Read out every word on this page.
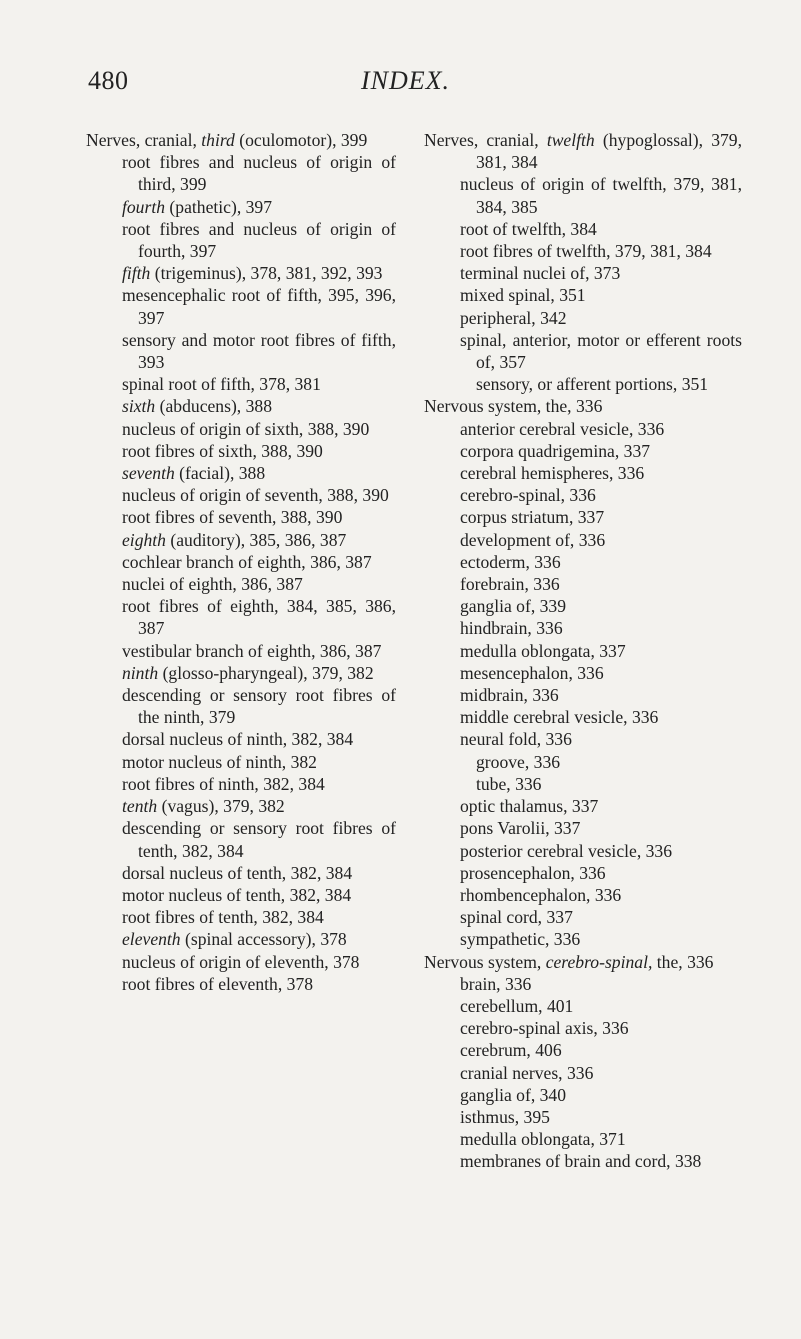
480	INDEX.
Nerves, cranial, third (oculomotor), 399
root fibres and nucleus of origin of third, 399
fourth (pathetic), 397
root fibres and nucleus of origin of fourth, 397
fifth (trigeminus), 378, 381, 392, 393
mesencephalic root of fifth, 395, 396, 397
sensory and motor root fibres of fifth, 393
spinal root of fifth, 378, 381
sixth (abducens), 388
nucleus of origin of sixth, 388, 390
root fibres of sixth, 388, 390
seventh (facial), 388
nucleus of origin of seventh, 388, 390
root fibres of seventh, 388, 390
eighth (auditory), 385, 386, 387
cochlear branch of eighth, 386, 387
nuclei of eighth, 386, 387
root fibres of eighth, 384, 385, 386, 387
vestibular branch of eighth, 386, 387
ninth (glosso-pharyngeal), 379, 382
descending or sensory root fibres of the ninth, 379
dorsal nucleus of ninth, 382, 384
motor nucleus of ninth, 382
root fibres of ninth, 382, 384
tenth (vagus), 379, 382
descending or sensory root fibres of tenth, 382, 384
dorsal nucleus of tenth, 382, 384
motor nucleus of tenth, 382, 384
root fibres of tenth, 382, 384
eleventh (spinal accessory), 378
nucleus of origin of eleventh, 378
root fibres of eleventh, 378
Nerves, cranial, twelfth (hypoglossal), 379, 381, 384
nucleus of origin of twelfth, 379, 381, 384, 385
root of twelfth, 384
root fibres of twelfth, 379, 381, 384
terminal nuclei of, 373
mixed spinal, 351
peripheral, 342
spinal, anterior, motor or efferent roots of, 357
sensory, or afferent portions, 351
Nervous system, the, 336
anterior cerebral vesicle, 336
corpora quadrigemina, 337
cerebral hemispheres, 336
cerebro-spinal, 336
corpus striatum, 337
development of, 336
ectoderm, 336
forebrain, 336
ganglia of, 339
hindbrain, 336
medulla oblongata, 337
mesencephalon, 336
midbrain, 336
middle cerebral vesicle, 336
neural fold, 336
groove, 336
tube, 336
optic thalamus, 337
pons Varolii, 337
posterior cerebral vesicle, 336
prosencephalon, 336
rhombencephalon, 336
spinal cord, 337
sympathetic, 336
Nervous system, cerebro-spinal, the, 336
brain, 336
cerebellum, 401
cerebro-spinal axis, 336
cerebrum, 406
cranial nerves, 336
ganglia of, 340
isthmus, 395
medulla oblongata, 371
membranes of brain and cord, 338
